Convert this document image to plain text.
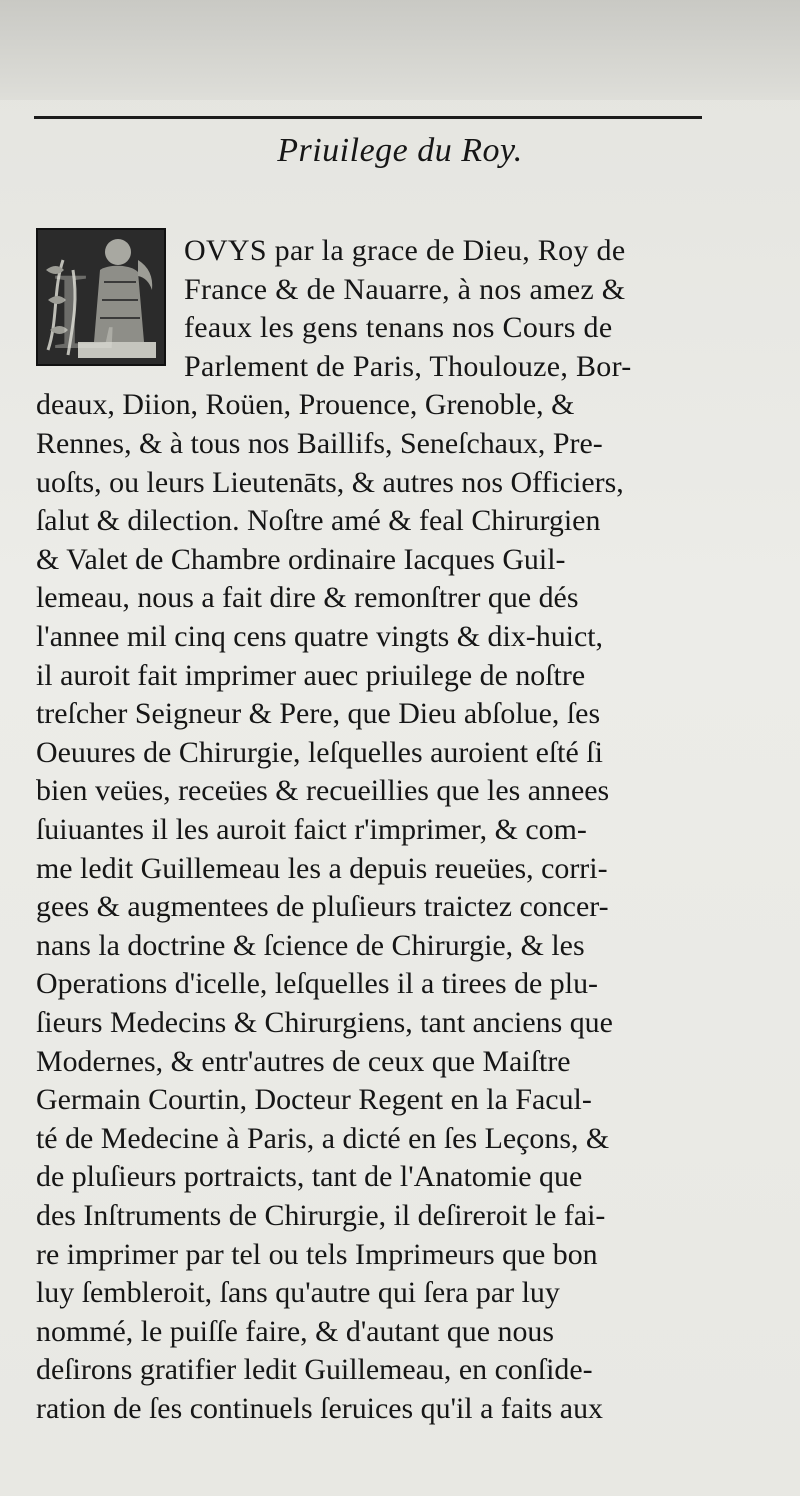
Priuilege du Roy.
L OVYS par la grace de Dieu, Roy de
France & de Nauarre, à nos amez &
feaux les gens tenans nos Cours de
Parlement de Paris, Thoulouze, Bor-
deaux, Diion, Roüen, Prouence, Grenoble, &
Rennes, & à tous nos Baillifs, Seneſchaux, Pre-
uoſts, ou leurs Lieutenāts, & autres nos Officiers,
ſalut & dilection. Noſtre amé & feal Chirurgien
& Valet de Chambre ordinaire Iacques Guil-
lemeau, nous a fait dire & remonſtrer que dés
l'annee mil cinq cens quatre vingts & dix-huict,
il auroit fait imprimer auec priuilege de noſtre
treſcher Seigneur & Pere, que Dieu abſolue, ſes
Oeuures de Chirurgie, leſquelles auroient eſté ſi
bien veües, receües & recueillies que les annees
ſuiuantes il les auroit faict r'imprimer, & com-
me ledit Guillemeau les a depuis reueües, corri-
gees & augmentees de pluſieurs traictez concer-
nans la doctrine & ſcience de Chirurgie, & les
Operations d'icelle, leſquelles il a tirees de plu-
ſieurs Medecins & Chirurgiens, tant anciens que
Modernes, & entr'autres de ceux que Maiſtre
Germain Courtin, Docteur Regent en la Facul-
té de Medecine à Paris, a dicté en ſes Leçons, &
de pluſieurs portraicts, tant de l'Anatomie que
des Inſtruments de Chirurgie, il deſireroit le fai-
re imprimer par tel ou tels Imprimeurs que bon
luy ſembleroit, ſans qu'autre qui ſera par luy
nommé, le puiſſe faire, & d'autant que nous
deſirons gratifier ledit Guillemeau, en conſide-
ration de ſes continuels ſeruices qu'il a faits aux
